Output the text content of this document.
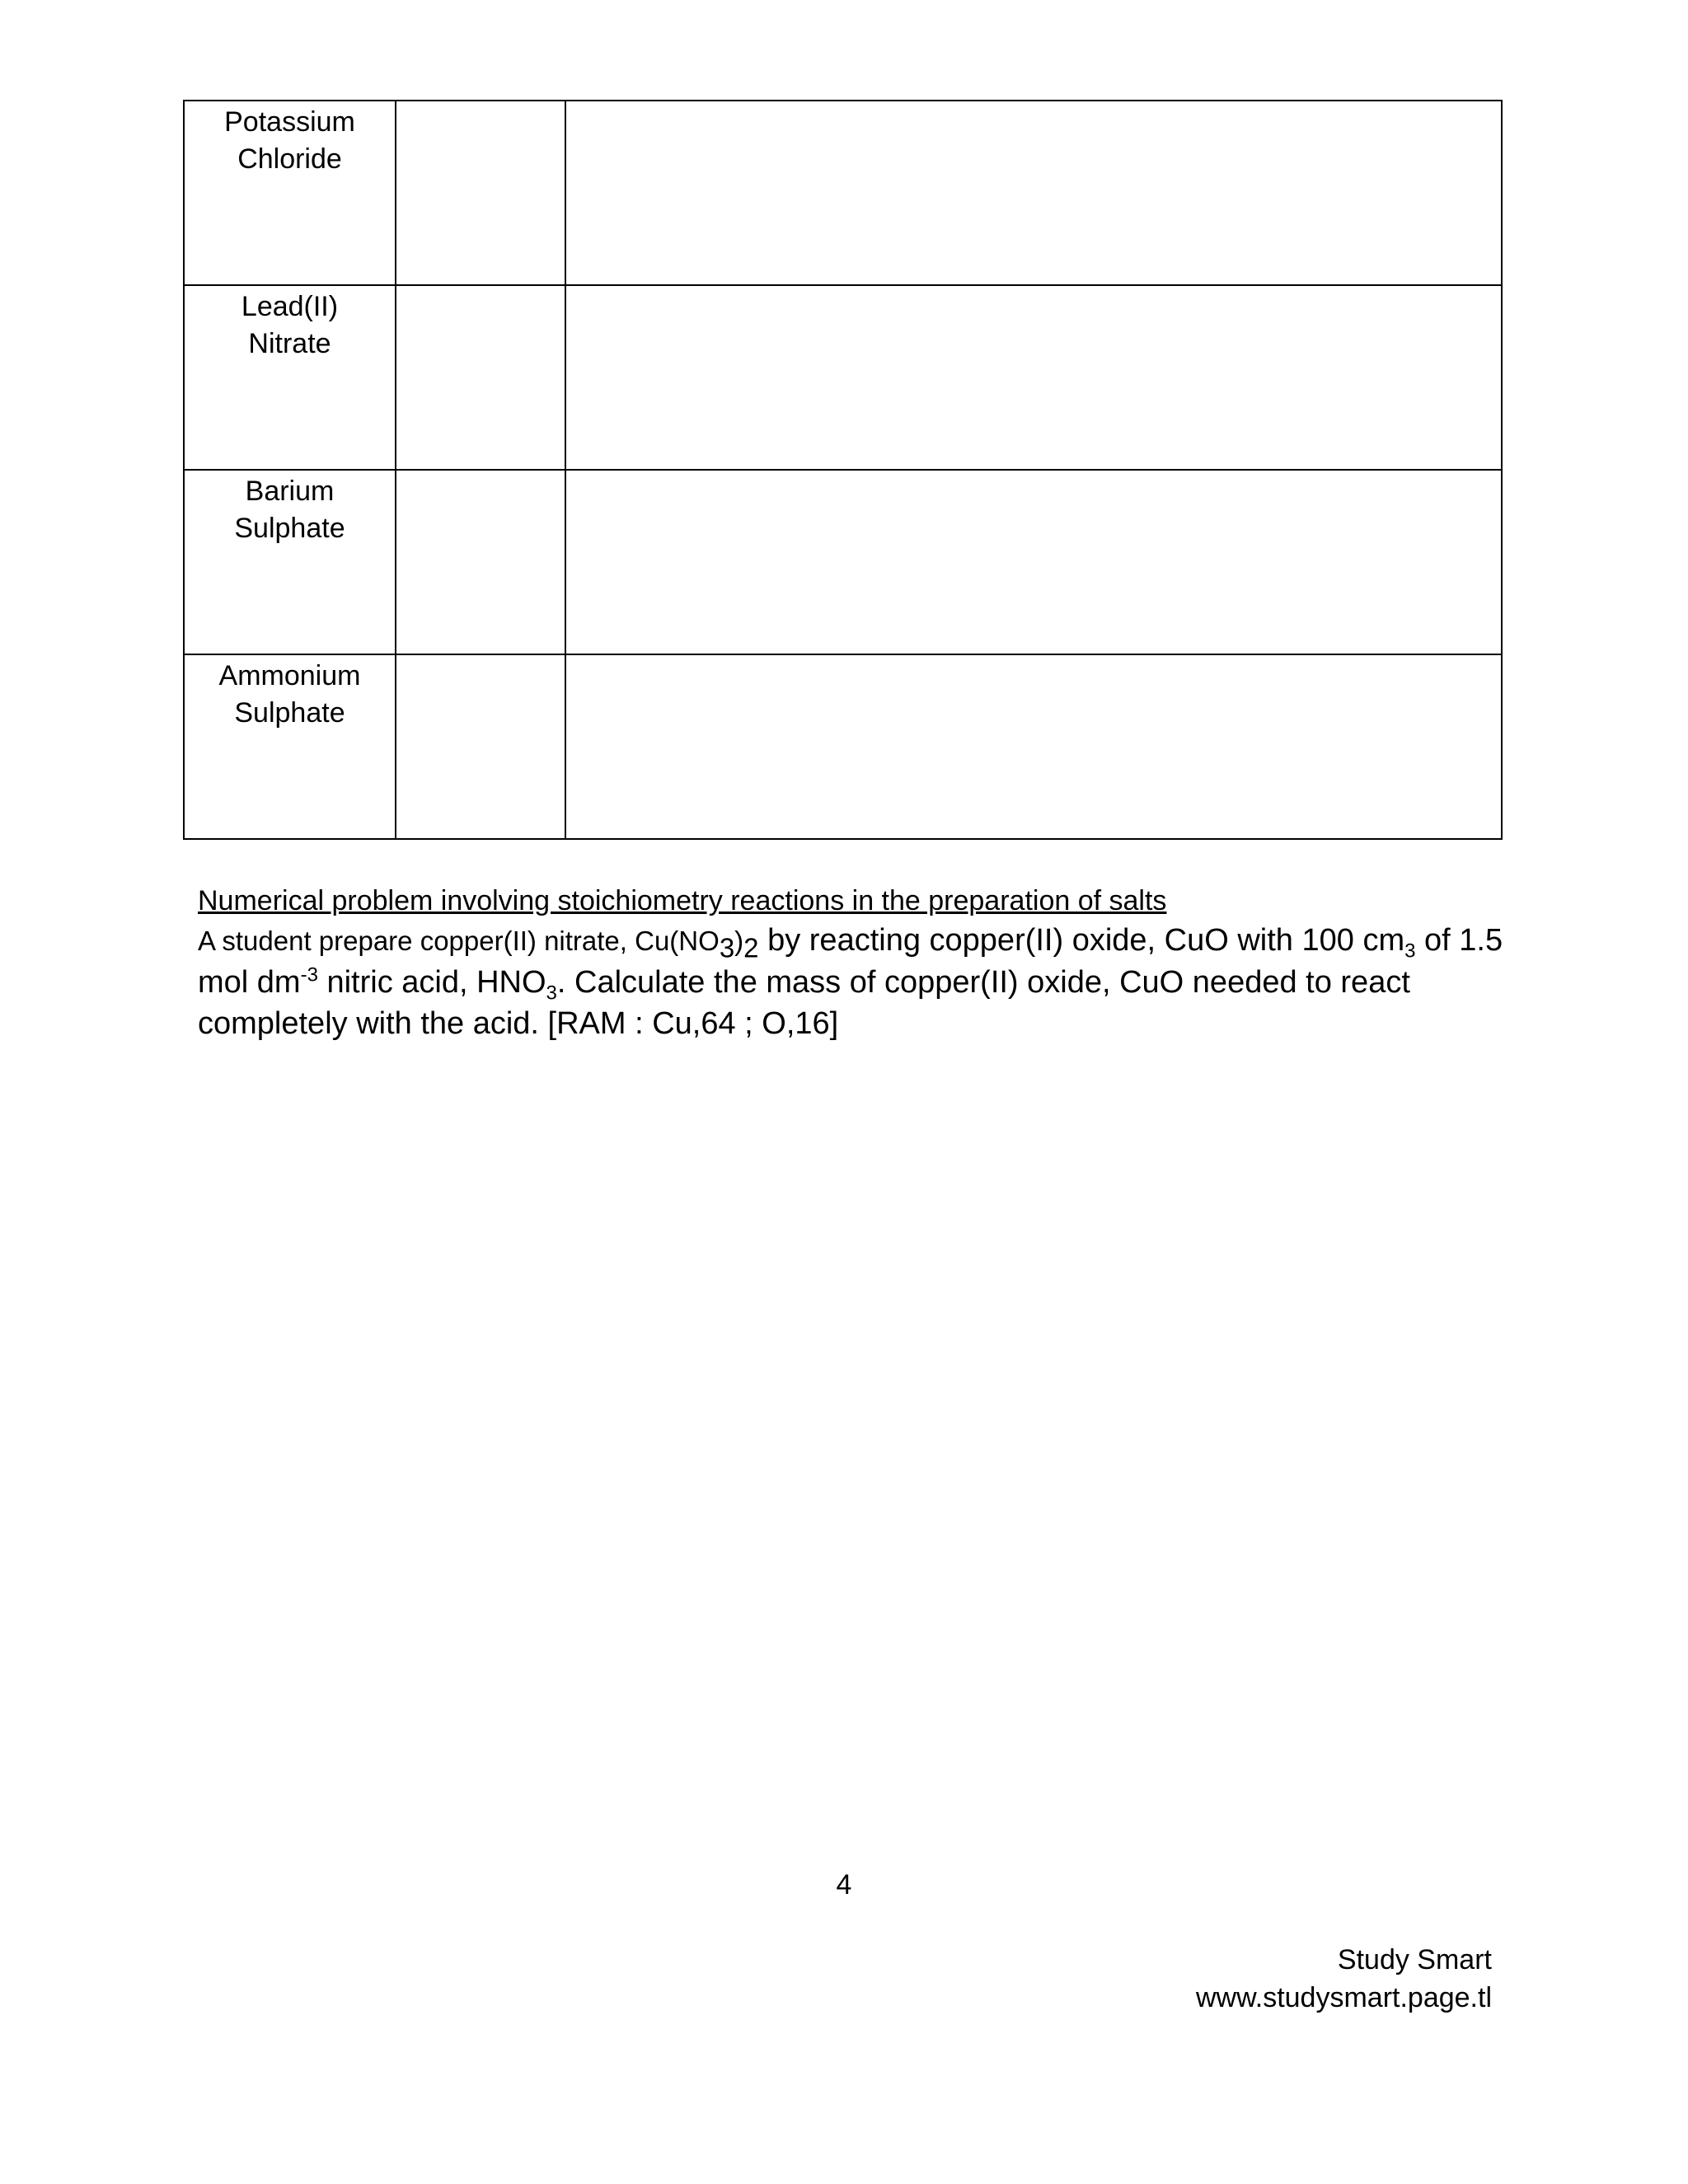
Potassium
Chloride		

Lead(II)
Nitrate		

Barium
Sulphate		

Ammonium
Sulphate		

Numerical problem involving stoichiometry reactions in the preparation of salts

A student prepare copper(II) nitrate, $Cu(NO_3)_2$ by reacting copper(II) oxide, CuO with 100 $cm_3$ of 1.5 mol $dm^{-3}$ nitric acid, $HNO_3$. Calculate the mass of copper(II) oxide, CuO needed to react completely with the acid. [RAM : Cu,64 ; O,16]

4
Study Smart
www.studysmart.page.tl
